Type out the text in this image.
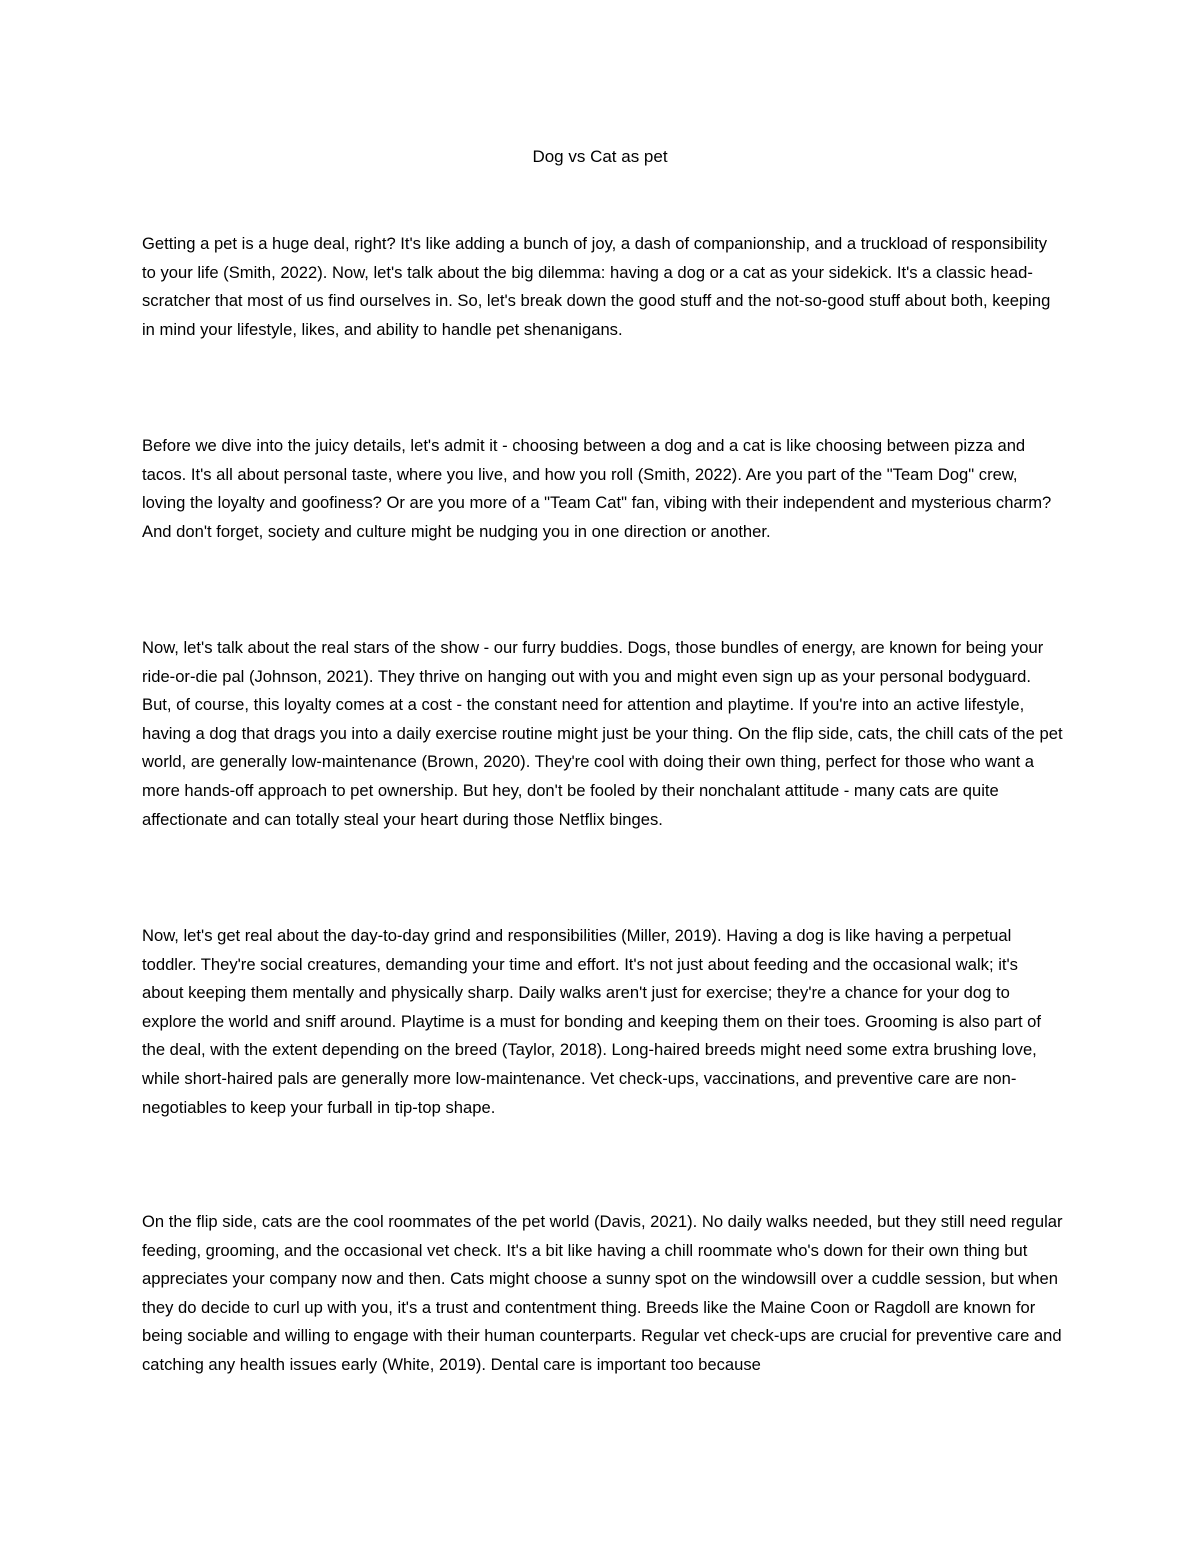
Dog vs Cat as pet

Getting a pet is a huge deal, right? It's like adding a bunch of joy, a dash of companionship, and a truckload of responsibility to your life (Smith, 2022). Now, let's talk about the big dilemma: having a dog or a cat as your sidekick. It's a classic head-scratcher that most of us find ourselves in. So, let's break down the good stuff and the not-so-good stuff about both, keeping in mind your lifestyle, likes, and ability to handle pet shenanigans.

Before we dive into the juicy details, let's admit it - choosing between a dog and a cat is like choosing between pizza and tacos. It's all about personal taste, where you live, and how you roll (Smith, 2022). Are you part of the "Team Dog" crew, loving the loyalty and goofiness? Or are you more of a "Team Cat" fan, vibing with their independent and mysterious charm? And don't forget, society and culture might be nudging you in one direction or another.

Now, let's talk about the real stars of the show - our furry buddies. Dogs, those bundles of energy, are known for being your ride-or-die pal (Johnson, 2021). They thrive on hanging out with you and might even sign up as your personal bodyguard. But, of course, this loyalty comes at a cost - the constant need for attention and playtime. If you're into an active lifestyle, having a dog that drags you into a daily exercise routine might just be your thing. On the flip side, cats, the chill cats of the pet world, are generally low-maintenance (Brown, 2020). They're cool with doing their own thing, perfect for those who want a more hands-off approach to pet ownership. But hey, don't be fooled by their nonchalant attitude - many cats are quite affectionate and can totally steal your heart during those Netflix binges.

Now, let's get real about the day-to-day grind and responsibilities (Miller, 2019). Having a dog is like having a perpetual toddler. They're social creatures, demanding your time and effort. It's not just about feeding and the occasional walk; it's about keeping them mentally and physically sharp. Daily walks aren't just for exercise; they're a chance for your dog to explore the world and sniff around. Playtime is a must for bonding and keeping them on their toes. Grooming is also part of the deal, with the extent depending on the breed (Taylor, 2018). Long-haired breeds might need some extra brushing love, while short-haired pals are generally more low-maintenance. Vet check-ups, vaccinations, and preventive care are non-negotiables to keep your furball in tip-top shape.

On the flip side, cats are the cool roommates of the pet world (Davis, 2021). No daily walks needed, but they still need regular feeding, grooming, and the occasional vet check. It's a bit like having a chill roommate who's down for their own thing but appreciates your company now and then. Cats might choose a sunny spot on the windowsill over a cuddle session, but when they do decide to curl up with you, it's a trust and contentment thing. Breeds like the Maine Coon or Ragdoll are known for being sociable and willing to engage with their human counterparts. Regular vet check-ups are crucial for preventive care and catching any health issues early (White, 2019). Dental care is important too because
